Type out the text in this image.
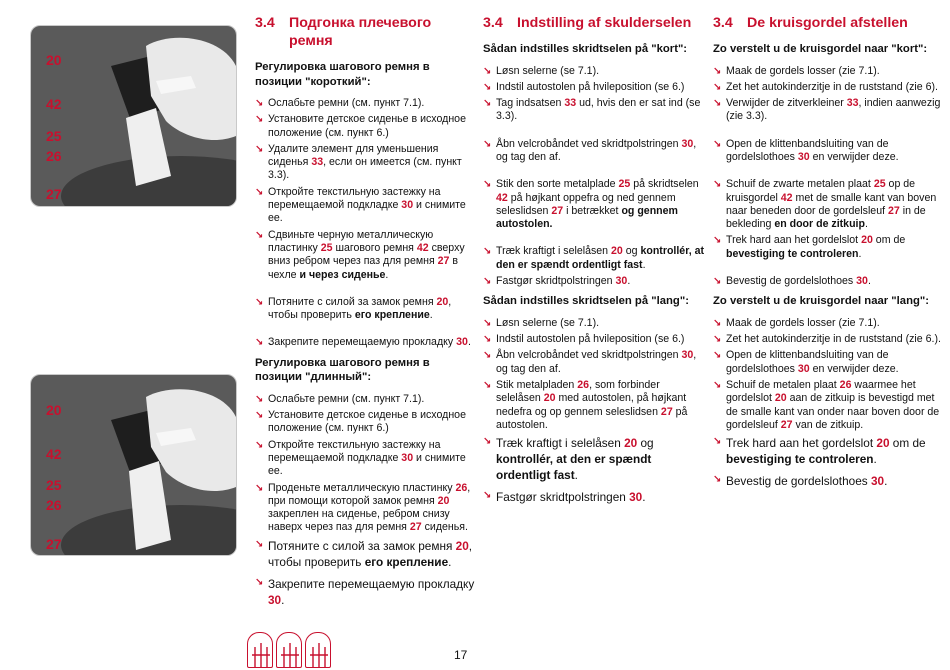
20
42
25
26
27
20
42
25
26
27
3.4	Подгонка плечевого ремня
Регулировка шагового ремня в позиции "короткий":
↘ Ослабьте ремни (см. пункт 7.1).
↘ Установите детское сиденье в исходное положение (см. пункт 6.)
↘ Удалите элемент для уменьшения сиденья 33, если он имеется (см. пункт 3.3).
↘ Откройте текстильную застежку на перемещаемой подкладке 30 и снимите ее.
↘ Сдвиньте черную металлическую пластинку 25 шагового ремня 42 сверху вниз ребром через паз для ремня 27 в чехле и через сиденье.
↘ Потяните с силой за замок ремня 20, чтобы проверить его крепление.
↘ Закрепите перемещаемую прокладку 30.
Регулировка шагового ремня в позиции "длинный":
↘ Ослабьте ремни (см. пункт 7.1).
↘ Установите детское сиденье в исходное положение (см. пункт 6.)
↘ Откройте текстильную застежку на перемещаемой подкладке 30 и снимите ее.
↘ Проденьте металлическую пластинку 26, при помощи которой замок ремня 20 закреплен на сиденье, ребром снизу наверх через паз для ремня 27 сиденья.
↘ Потяните с силой за замок ремня 20, чтобы проверить его крепление.
↘ Закрепите перемещаемую прокладку 30.
3.4	Indstilling af skulderselen
Sådan indstilles skridtselen på "kort":
↘ Løsn selerne (se 7.1).
↘ Indstil autostolen på hvileposition (se 6.)
↘ Tag indsatsen 33 ud, hvis den er sat ind (se 3.3).
↘ Åbn velcrobåndet ved skridtpolstringen 30, og tag den af.
↘ Stik den sorte metalplade 25 på skridtselen 42 på højkant oppefra og ned gennem seleslidsen 27 i betrækket og gennem autostolen.
↘ Træk kraftigt i selelåsen 20 og kontrollér, at den er spændt ordentligt fast.
↘ Fastgør skridtpolstringen 30.
Sådan indstilles skridtselen på "lang":
↘ Løsn selerne (se 7.1).
↘ Indstil autostolen på hvileposition (se 6.)
↘ Åbn velcrobåndet ved skridtpolstringen 30, og tag den af.
↘ Stik metalpladen 26, som forbinder selelåsen 20 med autostolen, på højkant nedefra og op gennem seleslidsen 27 på autostolen.
↘ Træk kraftigt i selelåsen 20 og kontrollér, at den er spændt ordentligt fast.
↘ Fastgør skridtpolstringen 30.
3.4	De kruisgordel afstellen
Zo verstelt u de kruisgordel naar "kort":
↘ Maak de gordels losser (zie 7.1).
↘ Zet het autokinderzitje in de ruststand (zie 6).
↘ Verwijder de zitverkleiner 33, indien aanwezig (zie 3.3).
↘ Open de klittenbandsluiting van de gordelslothoes 30 en verwijder deze.
↘ Schuif de zwarte metalen plaat 25 op de kruisgordel 42 met de smalle kant van boven naar beneden door de gordelsleuf 27 in de bekleding en door de zitkuip.
↘ Trek hard aan het gordelslot 20 om de bevestiging te controleren.
↘ Bevestig de gordelslothoes 30.
Zo verstelt u de kruisgordel naar "lang":
↘ Maak de gordels losser (zie 7.1).
↘ Zet het autokinderzitje in de ruststand (zie 6.).
↘ Open de klittenbandsluiting van de gordelslothoes 30 en verwijder deze.
↘ Schuif de metalen plaat 26 waarmee het gordelslot 20 aan de zitkuip is bevestigd met de smalle kant van onder naar boven door de gordelsleuf 27 van de zitkuip.
↘ Trek hard aan het gordelslot 20 om de bevestiging te controleren.
↘ Bevestig de gordelslothoes 30.
17
